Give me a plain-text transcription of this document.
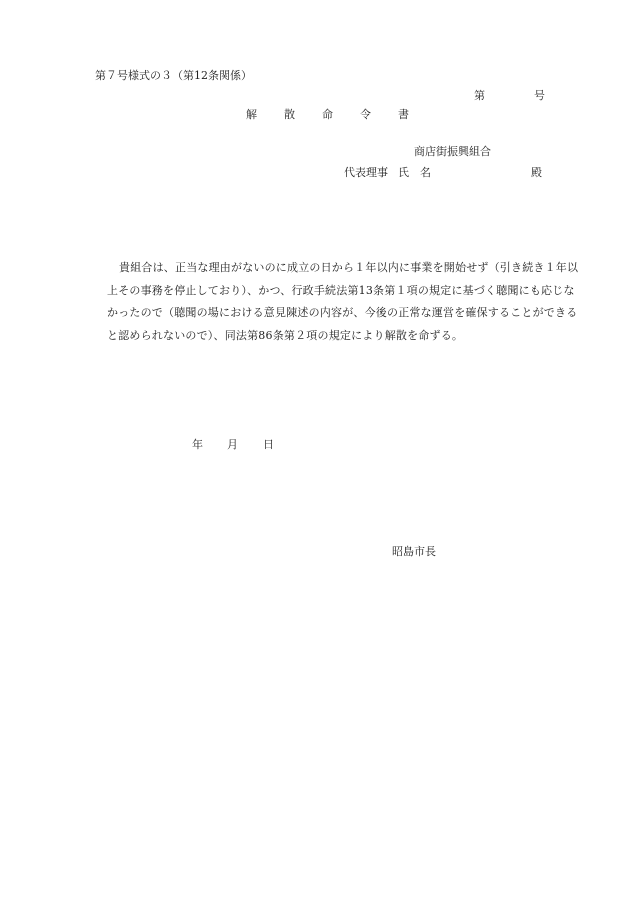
第７号様式の３（第12条関係）
第	号
解 散 命 令 書
商店街振興組合
代表理事 氏　名	殿
貴組合は、正当な理由がないのに成立の日から１年以内に事業を開始せず（引き続き１年以上その事務を停止しており）、かつ、行政手続法第13条第１項の規定に基づく聴聞にも応じなかったので（聴聞の場における意見陳述の内容が、今後の正常な運営を確保することができると認められないので）、同法第86条第２項の規定により解散を命ずる。
年 月 日
昭島市長
